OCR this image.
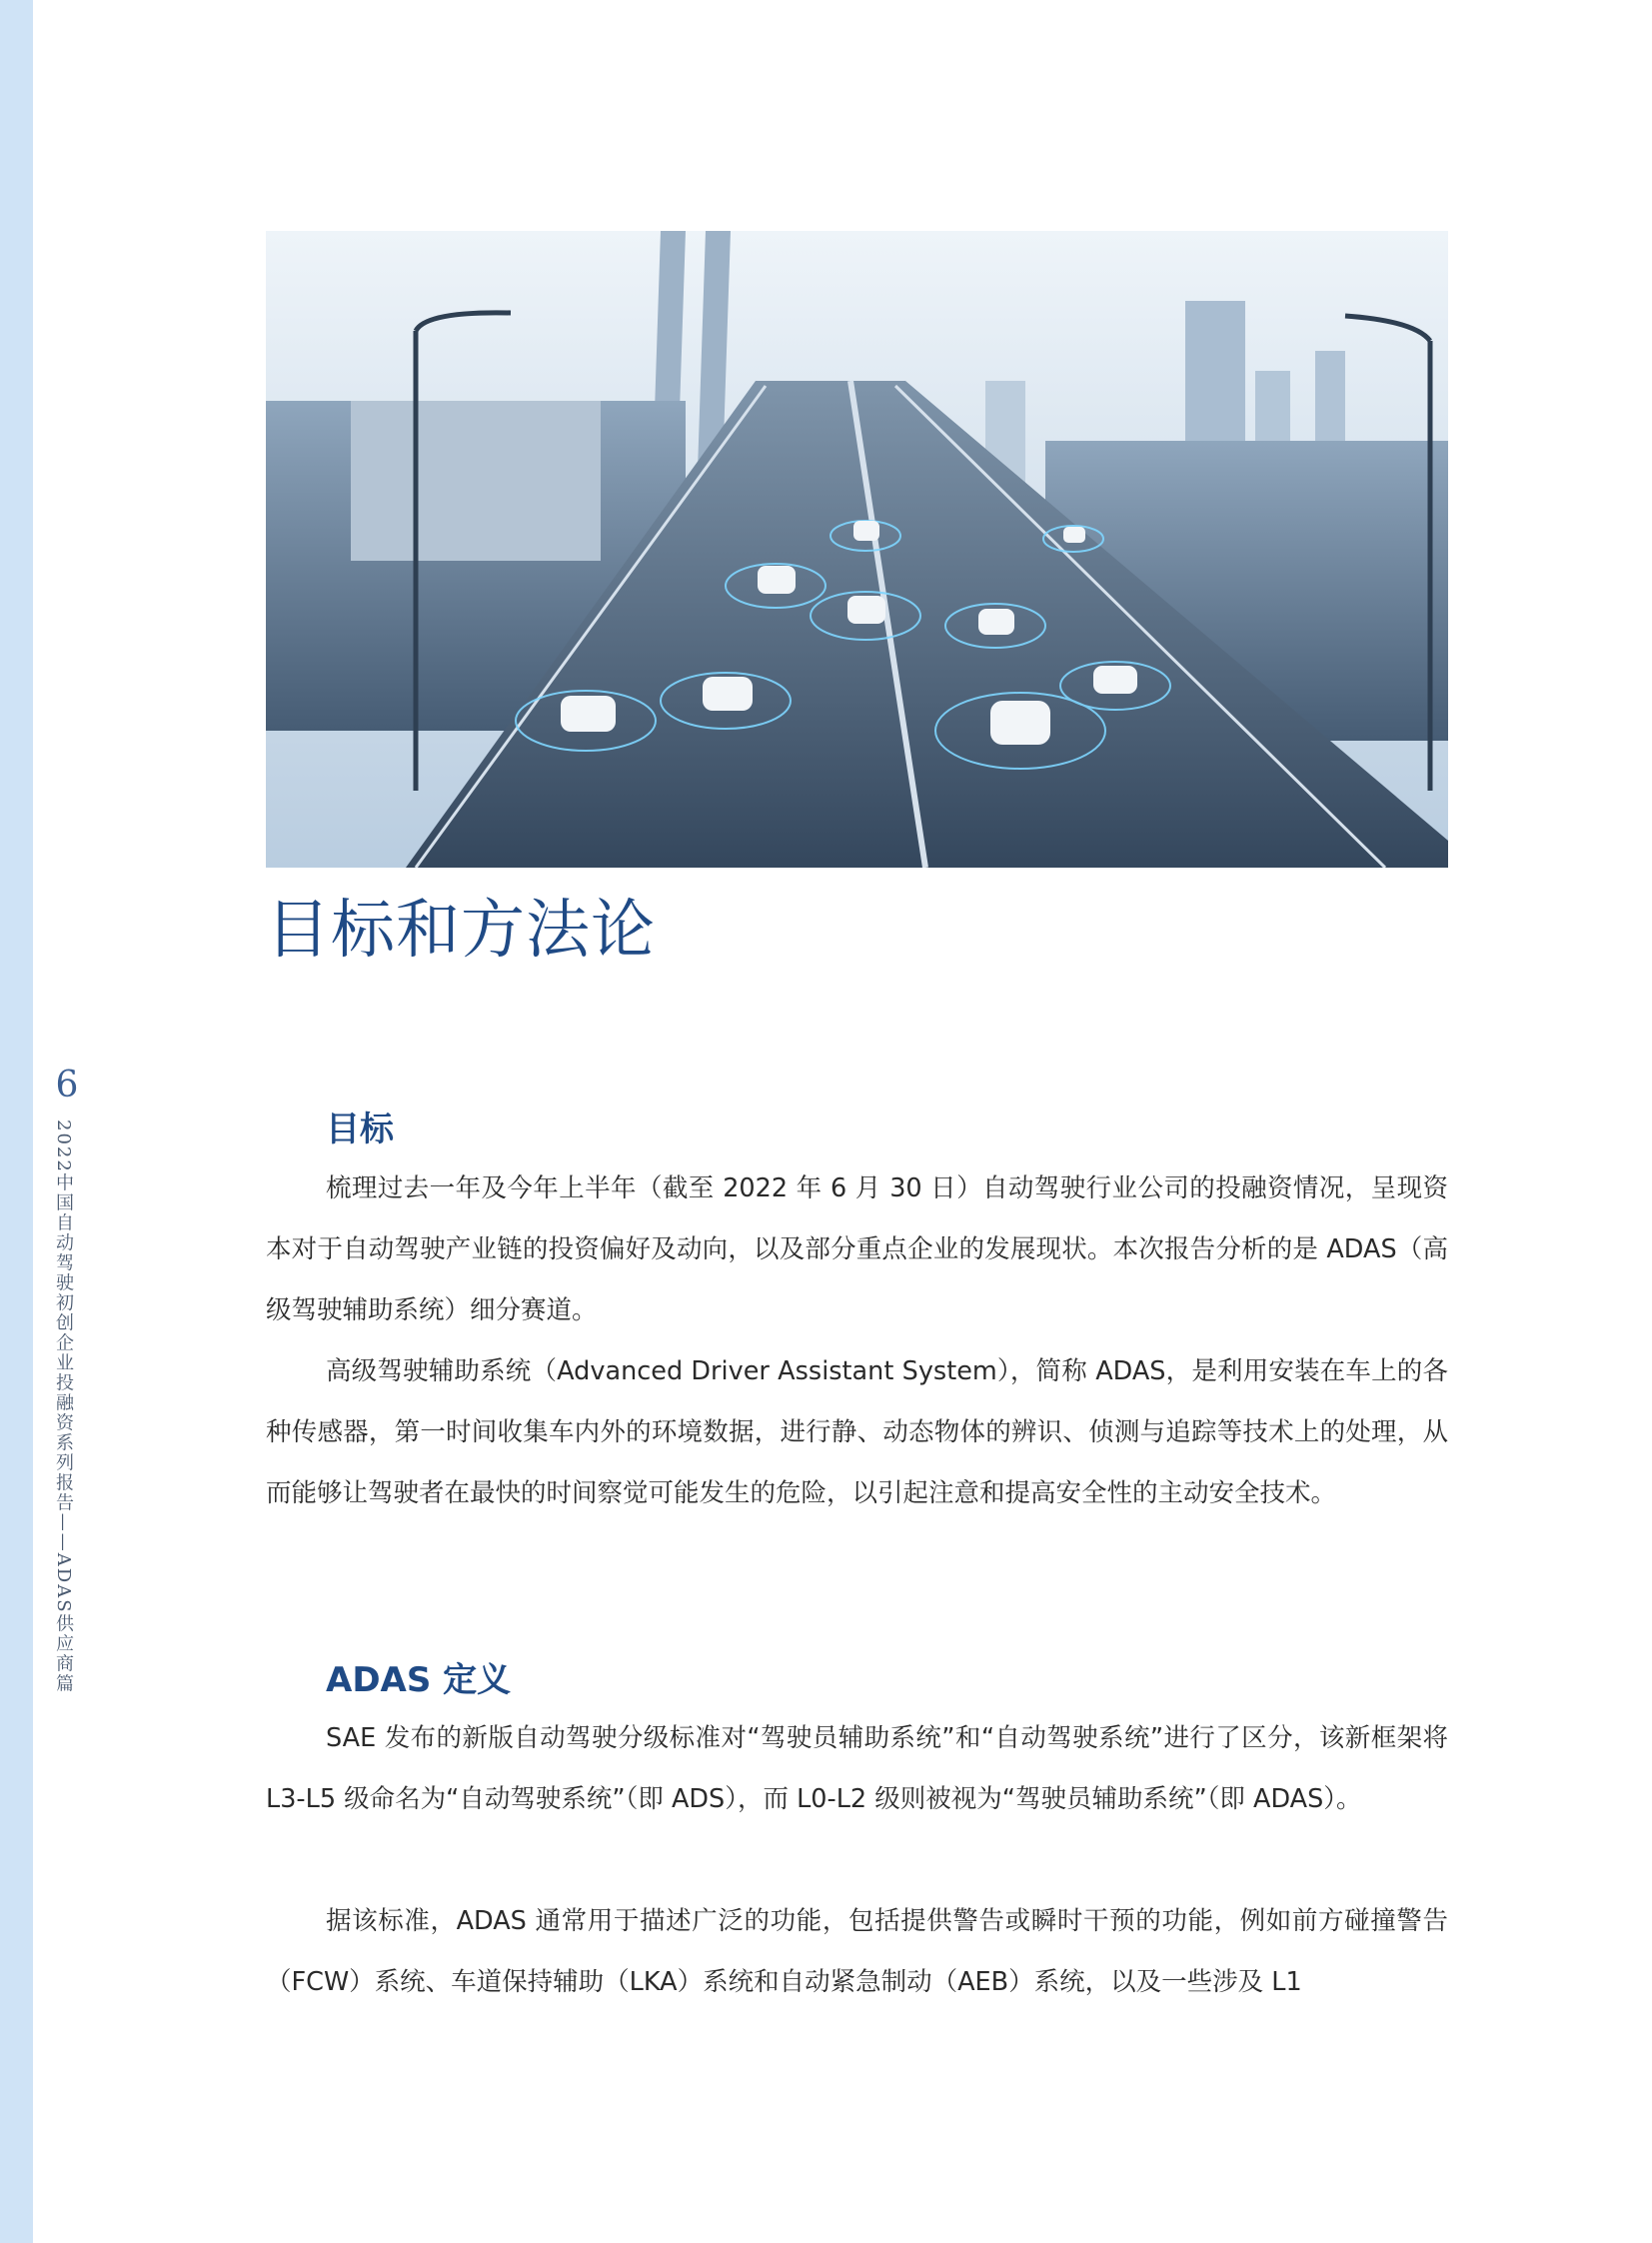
6
2022中国自动驾驶初创企业投融资系列报告——ADAS供应商篇
目标和方法论
目标

梳理过去一年及今年上半年（截至 2022 年 6 月 30 日）自动驾驶行业公司的投融资情况，呈现资本对于自动驾驶产业链的投资偏好及动向，以及部分重点企业的发展现状。本次报告分析的是 ADAS（高级驾驶辅助系统）细分赛道。

高级驾驶辅助系统（Advanced Driver Assistant System），简称 ADAS，是利用安装在车上的各种传感器，第一时间收集车内外的环境数据，进行静、动态物体的辨识、侦测与追踪等技术上的处理，从而能够让驾驶者在最快的时间察觉可能发生的危险，以引起注意和提高安全性的主动安全技术。

ADAS 定义

SAE 发布的新版自动驾驶分级标准对“驾驶员辅助系统”和“自动驾驶系统”进行了区分，该新框架将 L3-L5 级命名为“自动驾驶系统”（即 ADS），而 L0-L2 级则被视为“驾驶员辅助系统”（即 ADAS）。

据该标准，ADAS 通常用于描述广泛的功能，包括提供警告或瞬时干预的功能，例如前方碰撞警告（FCW）系统、车道保持辅助（LKA）系统和自动紧急制动（AEB）系统，以及一些涉及 L1
